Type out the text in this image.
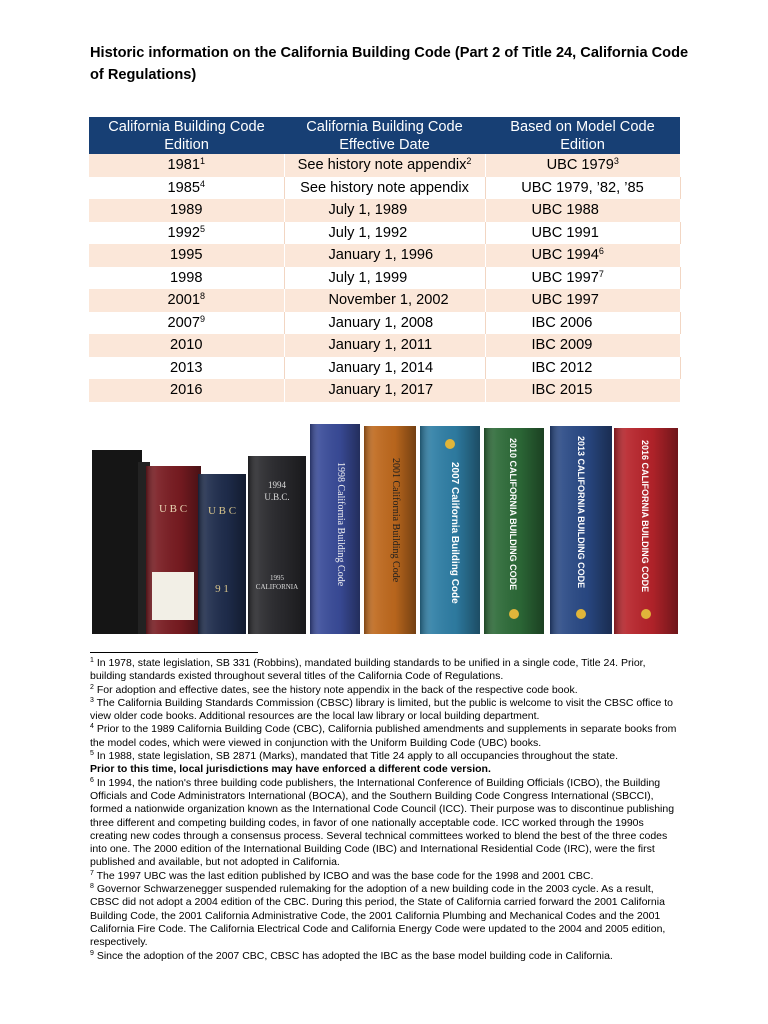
Historic information on the California Building Code (Part 2 of Title 24, California Code of Regulations)
California Building Code Edition	California Building Code Effective Date	Based on Model Code Edition
1981$^1$	See history note appendix$^2$	UBC 1979$^3$
1985$^4$	See history note appendix	UBC 1979, ’82, ’85
1989	July 1, 1989	UBC 1988
1992$^5$	July 1, 1992	UBC 1991
1995	January 1, 1996	UBC 1994$^6$
1998	July 1, 1999	UBC 1997$^7$
2001$^8$	November 1, 2002	UBC 1997
2007$^9$	January 1, 2008	IBC 2006
2010	January 1, 2011	IBC 2009
2013	January 1, 2014	IBC 2012
2016	January 1, 2017	IBC 2015
U B C U B C
9 1
1994
U.B.C.
1995
CALIFORNIA
1998 California Building Code	2001 California Building Code	2007 California Building Code	2010 CALIFORNIA BUILDING CODE	2013 CALIFORNIA BUILDING CODE	2016 CALIFORNIA BUILDING CODE

$^1$ In 1978, state legislation, SB 331 (Robbins), mandated building standards to be unified in a single code, Title 24. Prior, building standards existed throughout several titles of the California Code of Regulations.

$^2$ For adoption and effective dates, see the history note appendix in the back of the respective code book.

$^3$ The California Building Standards Commission (CBSC) library is limited, but the public is welcome to visit the CBSC office to view older code books. Additional resources are the local law library or local building department.

$^4$ Prior to the 1989 California Building Code (CBC), California published amendments and supplements in separate books from the model codes, which were viewed in conjunction with the Uniform Building Code (UBC) books.

$^5$ In 1988, state legislation, SB 2871 (Marks), mandated that Title 24 apply to all occupancies throughout the state.

Prior to this time, local jurisdictions may have enforced a different code version.

$^6$ In 1994, the nation's three building code publishers, the International Conference of Building Officials (ICBO), the Building Officials and Code Administrators International (BOCA), and the Southern Building Code Congress International (SBCCI), formed a nationwide organization known as the International Code Council (ICC). Their purpose was to discontinue publishing three different and competing building codes, in favor of one nationally acceptable code. ICC worked through the 1990s creating new codes through a consensus process. Several technical committees worked to blend the best of the three codes into one. The 2000 edition of the International Building Code (IBC) and International Residential Code (IRC), were the first published and available, but not adopted in California.

$^7$ The 1997 UBC was the last edition published by ICBO and was the base code for the 1998 and 2001 CBC.

$^8$ Governor Schwarzenegger suspended rulemaking for the adoption of a new building code in the 2003 cycle. As a result, CBSC did not adopt a 2004 edition of the CBC. During this period, the State of California carried forward the 2001 California Building Code, the 2001 California Administrative Code, the 2001 California Plumbing and Mechanical Codes and the 2001 California Fire Code. The California Electrical Code and California Energy Code were updated to the 2004 and 2005 edition, respectively.

$^9$ Since the adoption of the 2007 CBC, CBSC has adopted the IBC as the base model building code in California.
